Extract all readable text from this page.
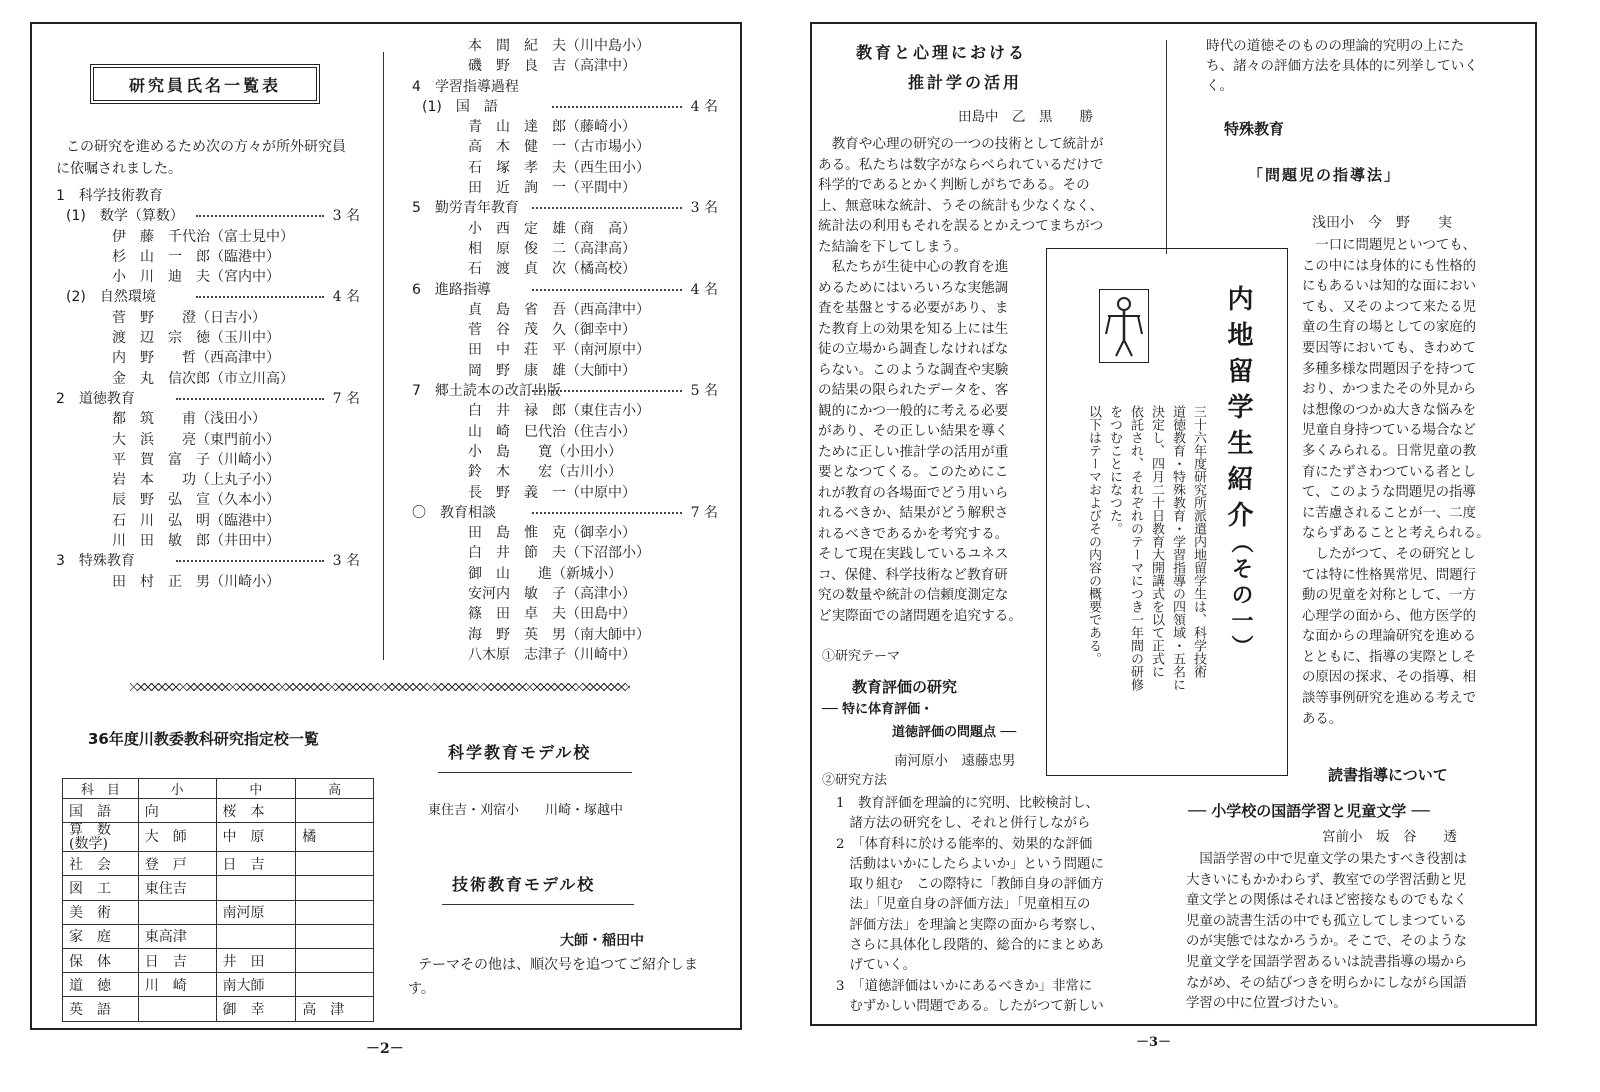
研究員氏名一覧表
この研究を進めるため次の方々が所外研究員
に依嘱されました。
1　科学技術教育
(1)　数学（算数）	3 名
伊　藤　千代治（富士見中）
杉　山　一　郎（臨港中）
小　川　迪　夫（宮内中）
(2)　自然環境	4 名
菅　野　　澄（日吉小）
渡　辺　宗　徳（玉川中）
内　野　　哲（西高津中）
金　丸　信次郎（市立川高）
2　道徳教育	7 名
都　筑　　甫（浅田小）
大　浜　　亮（東門前小）
平　賀　富　子（川崎小）
岩　本　　功（上丸子小）
辰　野　弘　宣（久本小）
石　川　弘　明（臨港中）
川　田　敏　郎（井田中）
3　特殊教育	3 名
田　村　正　男（川崎小）
本　間　紀　夫（川中島小）
磯　野　良　吉（高津中）
4　学習指導過程
(1)　国　語	4 名
青　山　達　郎（藤崎小）
高　木　健　一（古市場小）
石　塚　孝　夫（西生田小）
田　近　詢　一（平間中）
5　勤労青年教育	3 名
小　西　定　雄（商　高）
相　原　俊　二（高津高）
石　渡　貞　次（橘高校）
6　進路指導	4 名
貞　島　省　吾（西高津中）
菅　谷　茂　久（御幸中）
田　中　荘　平（南河原中）
岡　野　康　雄（大師中）
7　郷土読本の改訂出版	5 名
白　井　禄　郎（東住吉小）
山　崎　巳代治（住吉小）
小　島　　寛（小田小）
鈴　木　　宏（古川小）
長　野　義　一（中原中）
〇　教育相談	7 名
田　島　惟　克（御幸小）
白　井　節　夫（下沼部小）
御　山　　進（新城小）
安河内　敏　子（高津小）
篠　田　卓　夫（田島中）
海　野　英　男（南大師中）
八木原　志津子（川崎中）
36年度川教委教科研究指定校一覧
科　目	小	中	高
国　語	向	桜　本	
算　数
(数学)	大　師	中　原	橘
社　会	登　戸	日　吉	
図　工	東住吉		
美　術		南河原	
家　庭	東高津		
保　体	日　吉	井　田	
道　徳	川　崎	南大師	
英　語		御　幸	高　津
科学教育モデル校
東住吉・刈宿小　　川崎・塚越中
技術教育モデル校
大師・稲田中
テーマその他は、順次号を追つてご紹介しま
す。
－2－
教育と心理における
推計学の活用
田島中　乙　黒　　勝
　教育や心理の研究の一つの技術として統計が
ある。私たちは数字がならべられているだけで
科学的であるとかく判断しがちである。その
上、無意味な統計、うその統計も少なくなく、
統計法の利用もそれを誤るとかえつてまちがつ
た結論を下してしまう。
　私たちが生徒中心の教育を進
めるためにはいろいろな実態調
査を基盤とする必要があり、ま
た教育上の効果を知る上には生
徒の立場から調査しなければな
らない。このような調査や実験
の結果の限られたデータを、客
観的にかつ一般的に考える必要
があり、その正しい結果を導く
ために正しい推計学の活用が重
要となつてくる。このためにこ
れが教育の各場面でどう用いら
れるべきか、結果がどう解釈さ
れるべきであるかを考究する。
そして現在実践しているユネス
コ、保健、科学技術など教育研
究の数量や統計の信頼度測定な
ど実際面での諸問題を追究する。
内地留学生紹介
（その一）
三十六年度研究所派遣内地留学生は、科学技術
道徳教育・特殊教育・学習指導の四領域・五名に
決定し、四月二十日教育大開講式を以て正式に
依託され、それぞれのテーマにつき一年間の研修
をつむことになつた。
以下はテーマおよびその内容の概要である。
①研究テーマ
教育評価の研究
── 特に体育評価・
道徳評価の問題点 ──
南河原小　遠藤忠男
②研究方法
1　教育評価を理論的に究明、比較検討し、
　諸方法の研究をし、それと併行しながら
2　「体育科に於ける能率的、効果的な評価
　活動はいかにしたらよいか」という問題に
　取り組む　この際特に「教師自身の評価方
　法」「児童自身の評価方法」「児童相互の
　評価方法」を理論と実際の面から考察し、
　さらに具体化し段階的、総合的にまとめあ
　げていく。
3　「道徳評価はいかにあるべきか」非常に
　むずかしい問題である。したがつて新しい
時代の道徳そのものの理論的究明の上にた
ち、諸々の評価方法を具体的に列挙していく
く。
特殊教育
「問題児の指導法」
浅田小　今　野　　実
　一口に問題児といつても、
この中には身体的にも性格的
にもあるいは知的な面におい
ても、又そのよつて来たる児
童の生育の場としての家庭的
要因等においても、きわめて
多種多様な問題因子を持つて
おり、かつまたその外見から
は想像のつかぬ大きな悩みを
児童自身持つている場合など
多くみられる。日常児童の教
育にたずさわつている者とし
て、このような問題児の指導
に苦慮されることが一、二度
ならずあることと考えられる。
　したがつて、その研究とし
ては特に性格異常児、問題行
動の児童を対称として、一方
心理学の面から、他方医学的
な面からの理論研究を進める
とともに、指導の実際としそ
の原因の探求、その指導、相
談等事例研究を進める考えで
ある。
読書指導について
── 小学校の国語学習と児童文学 ──
宮前小　坂　谷　　透
　国語学習の中で児童文学の果たすべき役割は
大きいにもかかわらず、教室での学習活動と児
童文学との関係はそれほど密接なものでもなく
児童の読書生活の中でも孤立してしまつている
のが実態ではなかろうか。そこで、そのような
児童文学を国語学習あるいは読書指導の場から
ながめ、その結びつきを明らかにしながら国語
学習の中に位置づけたい。
－3－
